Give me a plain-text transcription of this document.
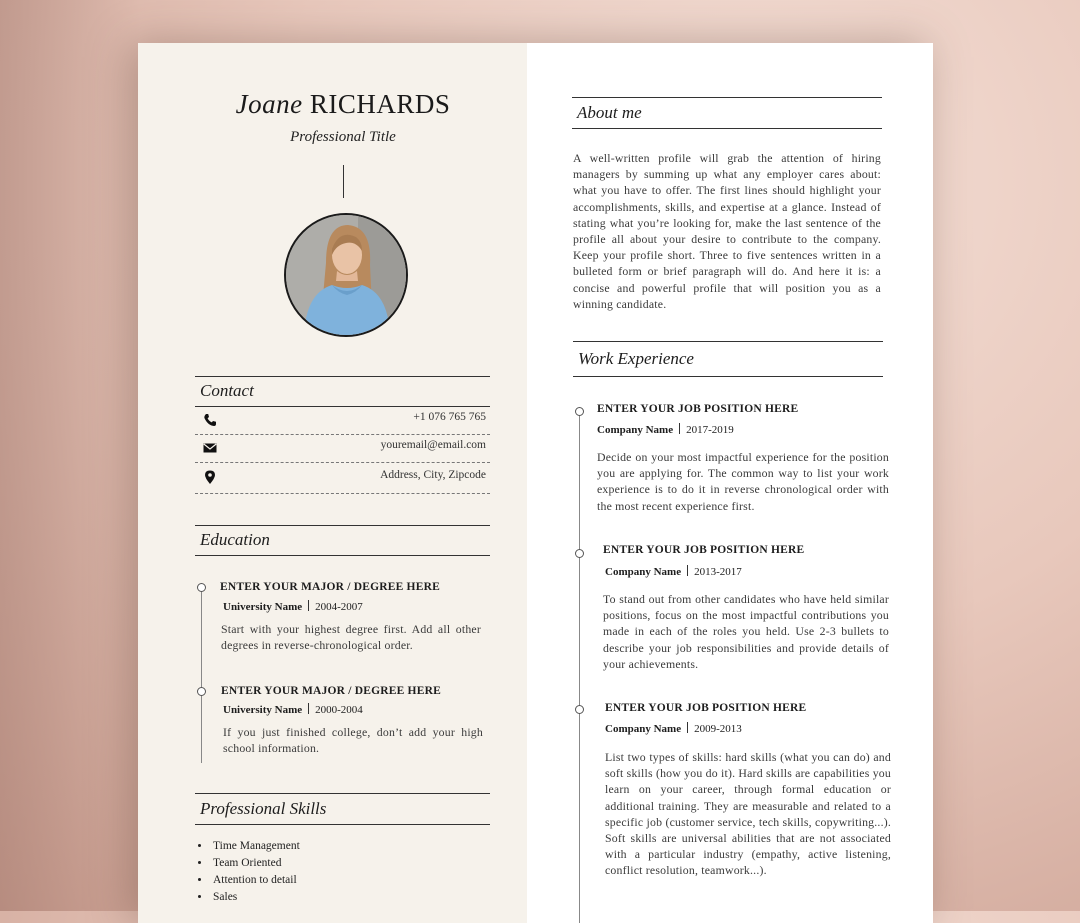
Joane RICHARDS
Professional Title
Contact
+1 076 765 765
youremail@email.com
Address, City, Zipcode
Education
ENTER YOUR MAJOR / DEGREE HERE
University Name 2004-2007
Start with your highest degree first. Add all other degrees in reverse-chronological order.
ENTER YOUR MAJOR / DEGREE HERE
University Name 2000-2004
If you just finished college, don’t add your high school information.
Professional Skills
• Time Management
• Team Oriented
• Attention to detail
• Sales
About me
A well-written profile will grab the attention of hiring managers by summing up what any employer cares about: what you have to offer. The first lines should highlight your accomplishments, skills, and expertise at a glance. Instead of stating what you’re looking for, make the last sentence of the profile all about your desire to contribute to the company. Keep your profile short. Three to five sentences written in a bulleted form or brief paragraph will do. And here it is: a concise and powerful profile that will position you as a winning candidate.
Work Experience
ENTER YOUR JOB POSITION HERE
Company Name 2017-2019
Decide on your most impactful experience for the position you are applying for. The common way to list your work experience is to do it in reverse chronological order with the most recent experience first.
ENTER YOUR JOB POSITION HERE
Company Name 2013-2017
To stand out from other candidates who have held similar positions, focus on the most impactful contributions you made in each of the roles you held. Use 2-3 bullets to describe your job responsibilities and provide details of your achievements.
ENTER YOUR JOB POSITION HERE
Company Name 2009-2013
List two types of skills: hard skills (what you can do) and soft skills (how you do it). Hard skills are capabilities you learn on your career, through formal education or additional training. They are measurable and related to a specific job (customer service, tech skills, copywriting...). Soft skills are universal abilities that are not associated with a particular industry (empathy, active listening, conflict resolution, teamwork...).
